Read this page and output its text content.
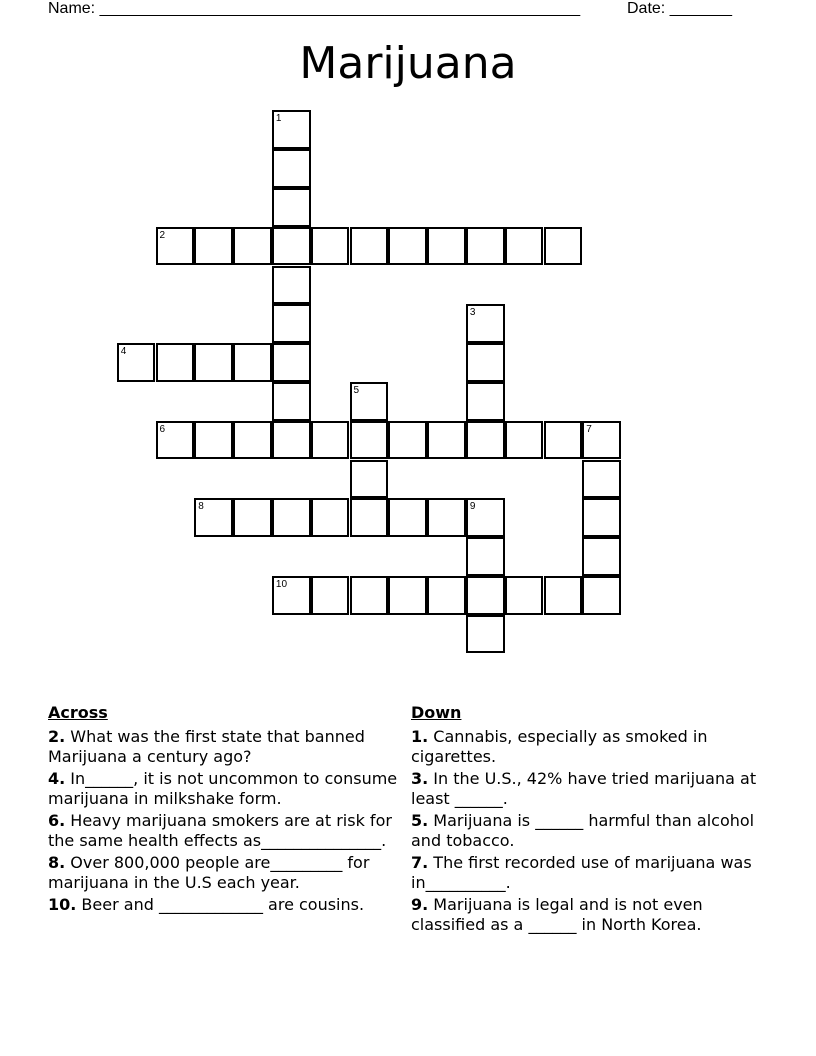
Name: ______________________________________________________	Date: _______
Marijuana
1
2
3
4
5
6	7
8	9
10
Across
2. What was the first state that banned Marijuana a century ago?
4. In______, it is not uncommon to consume marijuana in milkshake form.
6. Heavy marijuana smokers are at risk for the same health effects as_______________.
8. Over 800,000 people are_________ for marijuana in the U.S each year.
10. Beer and _____________ are cousins.
Down
1. Cannabis, especially as smoked in cigarettes.
3. In the U.S., 42% have tried marijuana at least ______.
5. Marijuana is ______ harmful than alcohol and tobacco.
7. The first recorded use of marijuana was in__________.
9. Marijuana is legal and is not even classified as a ______ in North Korea.
